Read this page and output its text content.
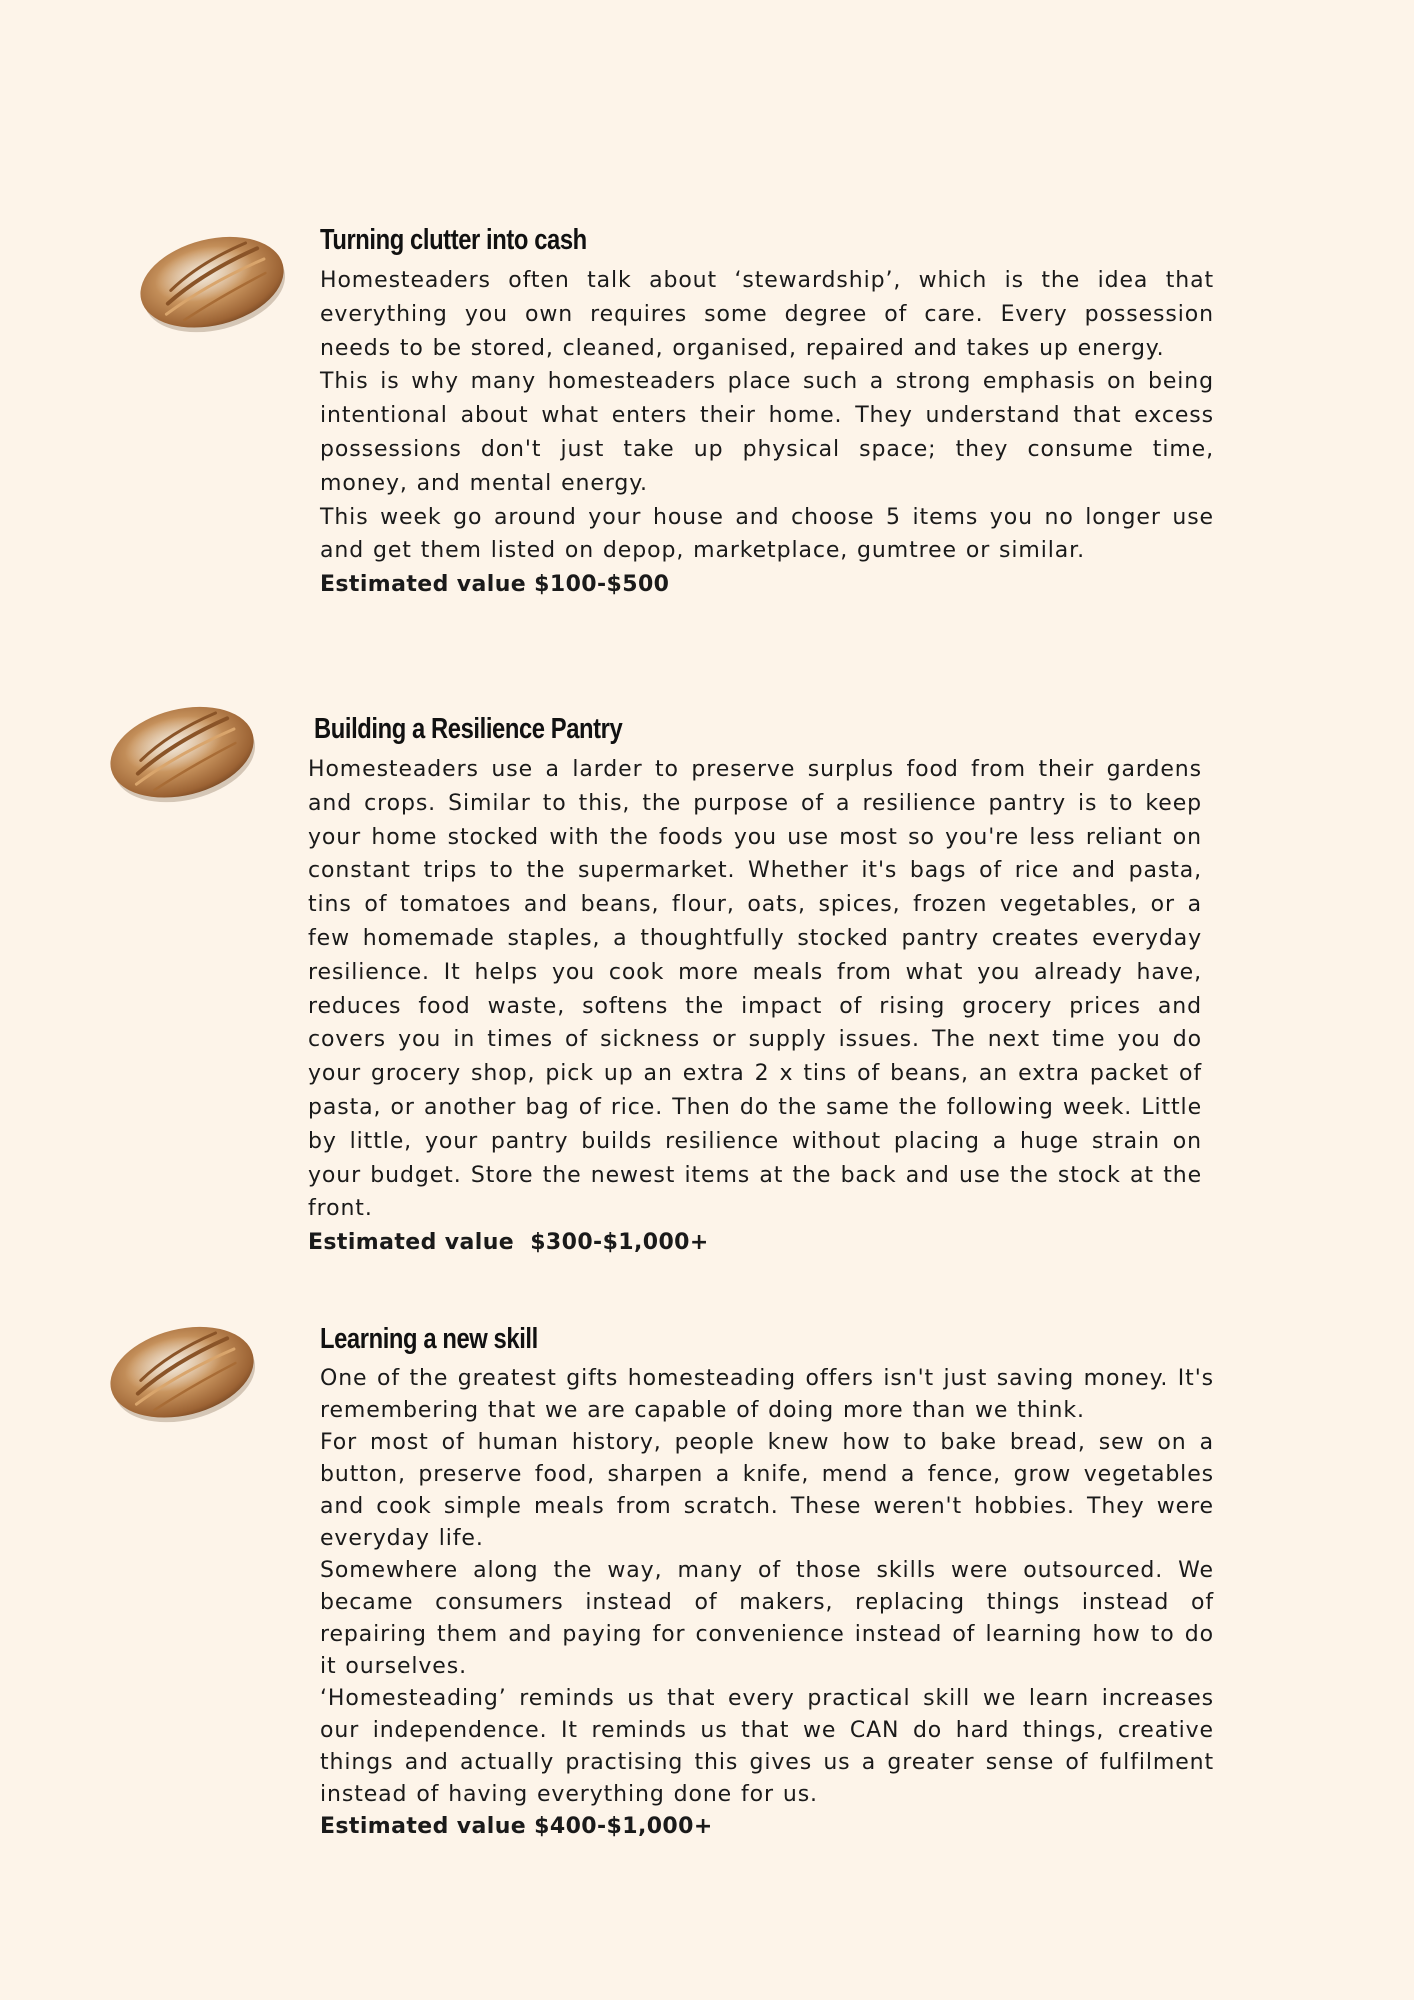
Turning clutter into cash

Homesteaders often talk about ‘stewardship’, which is the idea that everything you own requires some degree of care. Every possession needs to be stored, cleaned, organised, repaired and takes up energy.

This is why many homesteaders place such a strong emphasis on being intentional about what enters their home. They understand that excess possessions don't just take up physical space; they consume time, money, and mental energy.

This week go around your house and choose 5 items you no longer use and get them listed on depop, marketplace, gumtree or similar.

Estimated value $100-$500

Building a Resilience Pantry

Homesteaders use a larder to preserve surplus food from their gardens and crops. Similar to this, the purpose of a resilience pantry is to keep your home stocked with the foods you use most so you're less reliant on constant trips to the supermarket. Whether it's bags of rice and pasta, tins of tomatoes and beans, flour, oats, spices, frozen vegetables, or a few homemade staples, a thoughtfully stocked pantry creates everyday resilience. It helps you cook more meals from what you already have, reduces food waste, softens the impact of rising grocery prices and covers you in times of sickness or supply issues. The next time you do your grocery shop, pick up an extra 2 x tins of beans, an extra packet of pasta, or another bag of rice. Then do the same the following week. Little by little, your pantry builds resilience without placing a huge strain on your budget. Store the newest items at the back and use the stock at the front.

Estimated value  $300-$1,000+

Learning a new skill

One of the greatest gifts homesteading offers isn't just saving money. It's remembering that we are capable of doing more than we think.

For most of human history, people knew how to bake bread, sew on a button, preserve food, sharpen a knife, mend a fence, grow vegetables and cook simple meals from scratch. These weren't hobbies. They were everyday life.

Somewhere along the way, many of those skills were outsourced. We became consumers instead of makers, replacing things instead of repairing them and paying for convenience instead of learning how to do it ourselves.

‘Homesteading’ reminds us that every practical skill we learn increases our independence. It reminds us that we CAN do hard things, creative things and actually practising this gives us a greater sense of fulfilment instead of having everything done for us.

Estimated value $400-$1,000+
